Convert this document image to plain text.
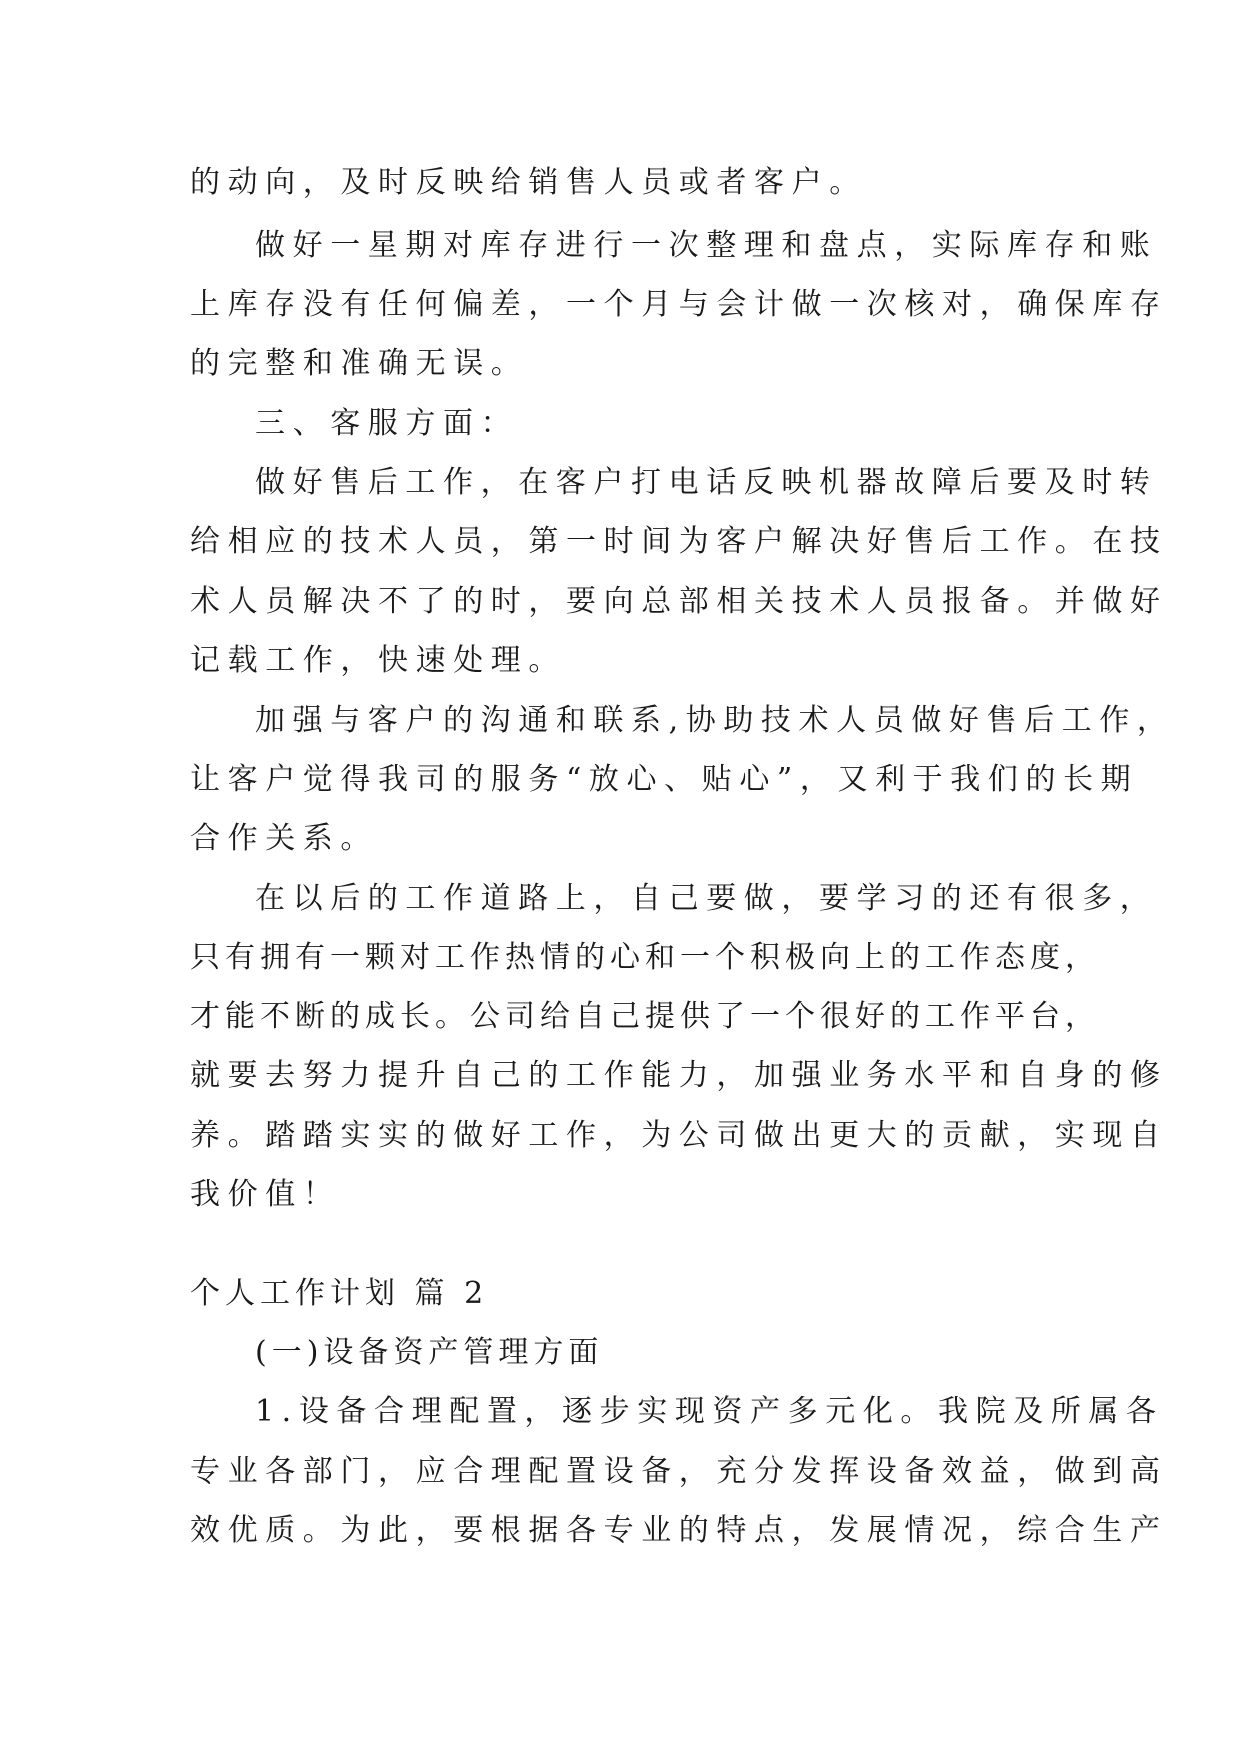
的动向，及时反映给销售人员或者客户。

做好一星期对库存进行一次整理和盘点，实际库存和账

上库存没有任何偏差，一个月与会计做一次核对，确保库存

的完整和准确无误。

三、客服方面：

做好售后工作，在客户打电话反映机器故障后要及时转

给相应的技术人员，第一时间为客户解决好售后工作。在技

术人员解决不了的时，要向总部相关技术人员报备。并做好

记载工作，快速处理。

加强与客户的沟通和联系,协助技术人员做好售后工作，

让客户觉得我司的服务“放心、贴心”，又利于我们的长期

合作关系。

在以后的工作道路上，自己要做，要学习的还有很多，

只有拥有一颗对工作热情的心和一个积极向上的工作态度，

才能不断的成长。公司给自己提供了一个很好的工作平台，

就要去努力提升自己的工作能力，加强业务水平和自身的修

养。踏踏实实的做好工作，为公司做出更大的贡献，实现自

我价值！

个人工作计划 篇 2

(一)设备资产管理方面

1.设备合理配置，逐步实现资产多元化。我院及所属各

专业各部门，应合理配置设备，充分发挥设备效益，做到高

效优质。为此，要根据各专业的特点，发展情况，综合生产
